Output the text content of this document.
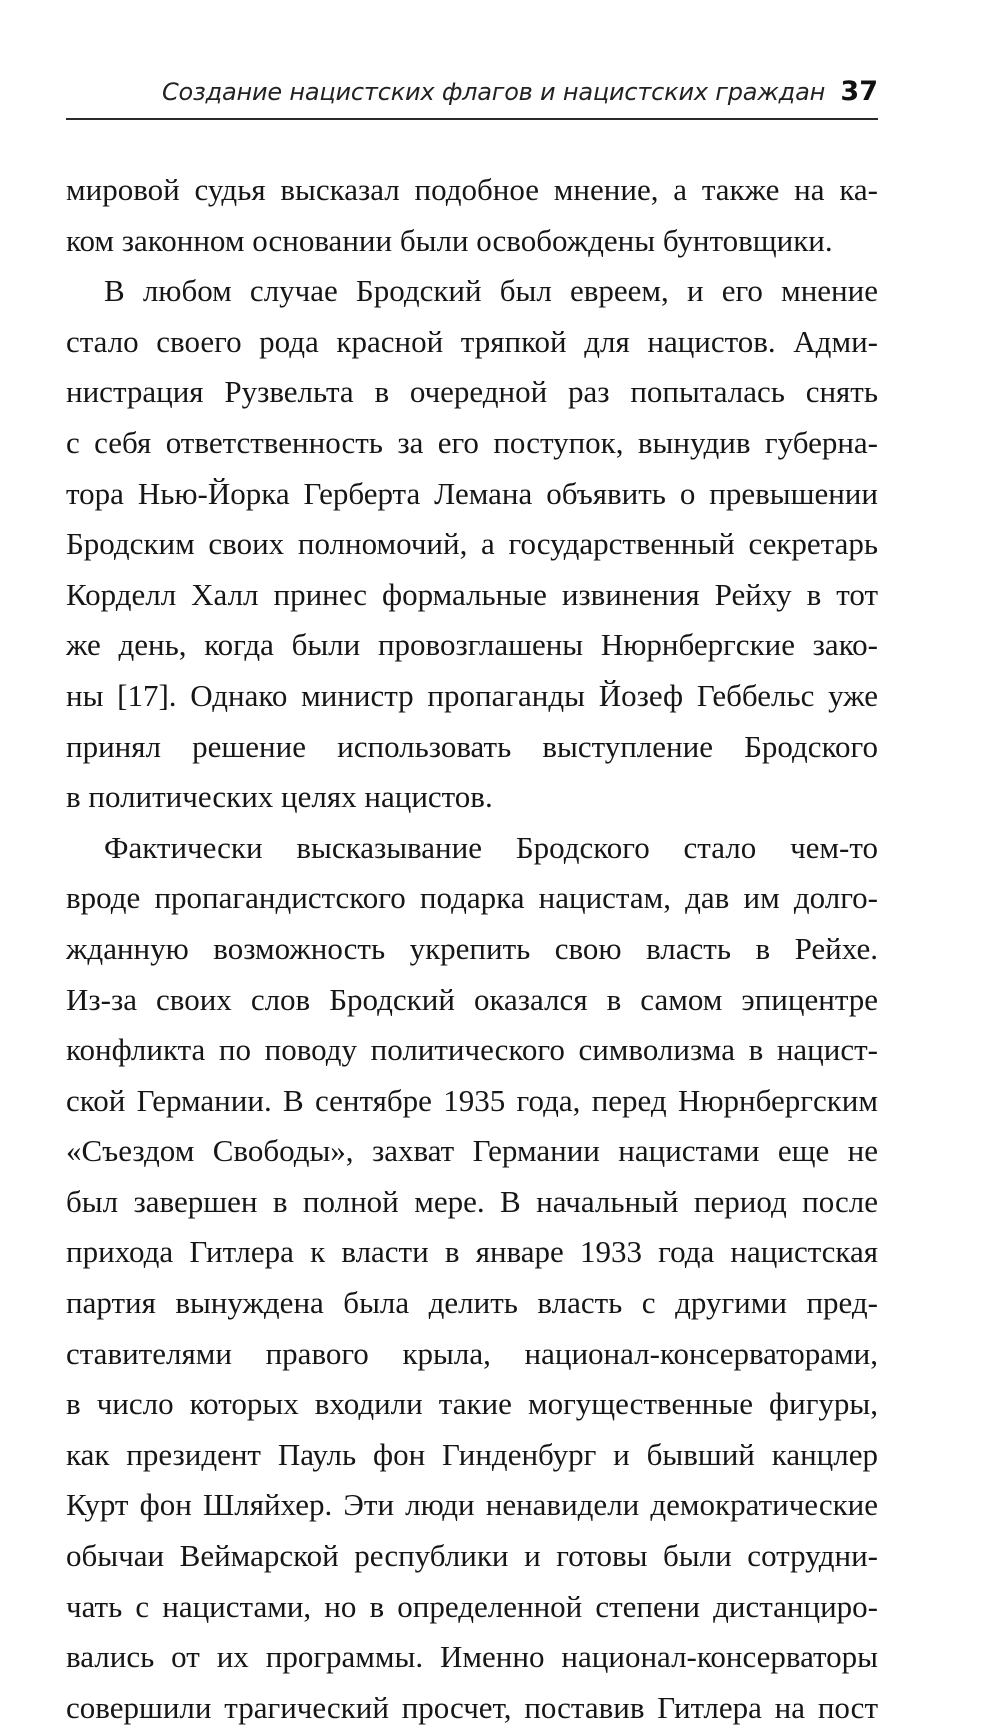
Создание нацистских флагов и нацистских граждан 37
мировой судья высказал подобное мнение, а также на ка-
ком законном основании были освобождены бунтовщики.
В любом случае Бродский был евреем, и его мнение
стало своего рода красной тряпкой для нацистов. Адми-
нистрация Рузвельта в очередной раз попыталась снять
с себя ответственность за его поступок, вынудив губерна-
тора Нью-Йорка Герберта Лемана объявить о превышении
Бродским своих полномочий, а государственный секретарь
Корделл Халл принес формальные извинения Рейху в тот
же день, когда были провозглашены Нюрнбергские зако-
ны [17]. Однако министр пропаганды Йозеф Геббельс уже
принял решение использовать выступление Бродского
в политических целях нацистов.
Фактически высказывание Бродского стало чем-то
вроде пропагандистского подарка нацистам, дав им долго-
жданную возможность укрепить свою власть в Рейхе.
Из-за своих слов Бродский оказался в самом эпицентре
конфликта по поводу политического символизма в нацист-
ской Германии. В сентябре 1935 года, перед Нюрнбергским
«Съездом Свободы», захват Германии нацистами еще не
был завершен в полной мере. В начальный период после
прихода Гитлера к власти в январе 1933 года нацистская
партия вынуждена была делить власть с другими пред-
ставителями правого крыла, национал-консерваторами,
в число которых входили такие могущественные фигуры,
как президент Пауль фон Гинденбург и бывший канцлер
Курт фон Шляйхер. Эти люди ненавидели демократические
обычаи Веймарской республики и готовы были сотрудни-
чать с нацистами, но в определенной степени дистанциро-
вались от их программы. Именно национал-консерваторы
совершили трагический просчет, поставив Гитлера на пост
